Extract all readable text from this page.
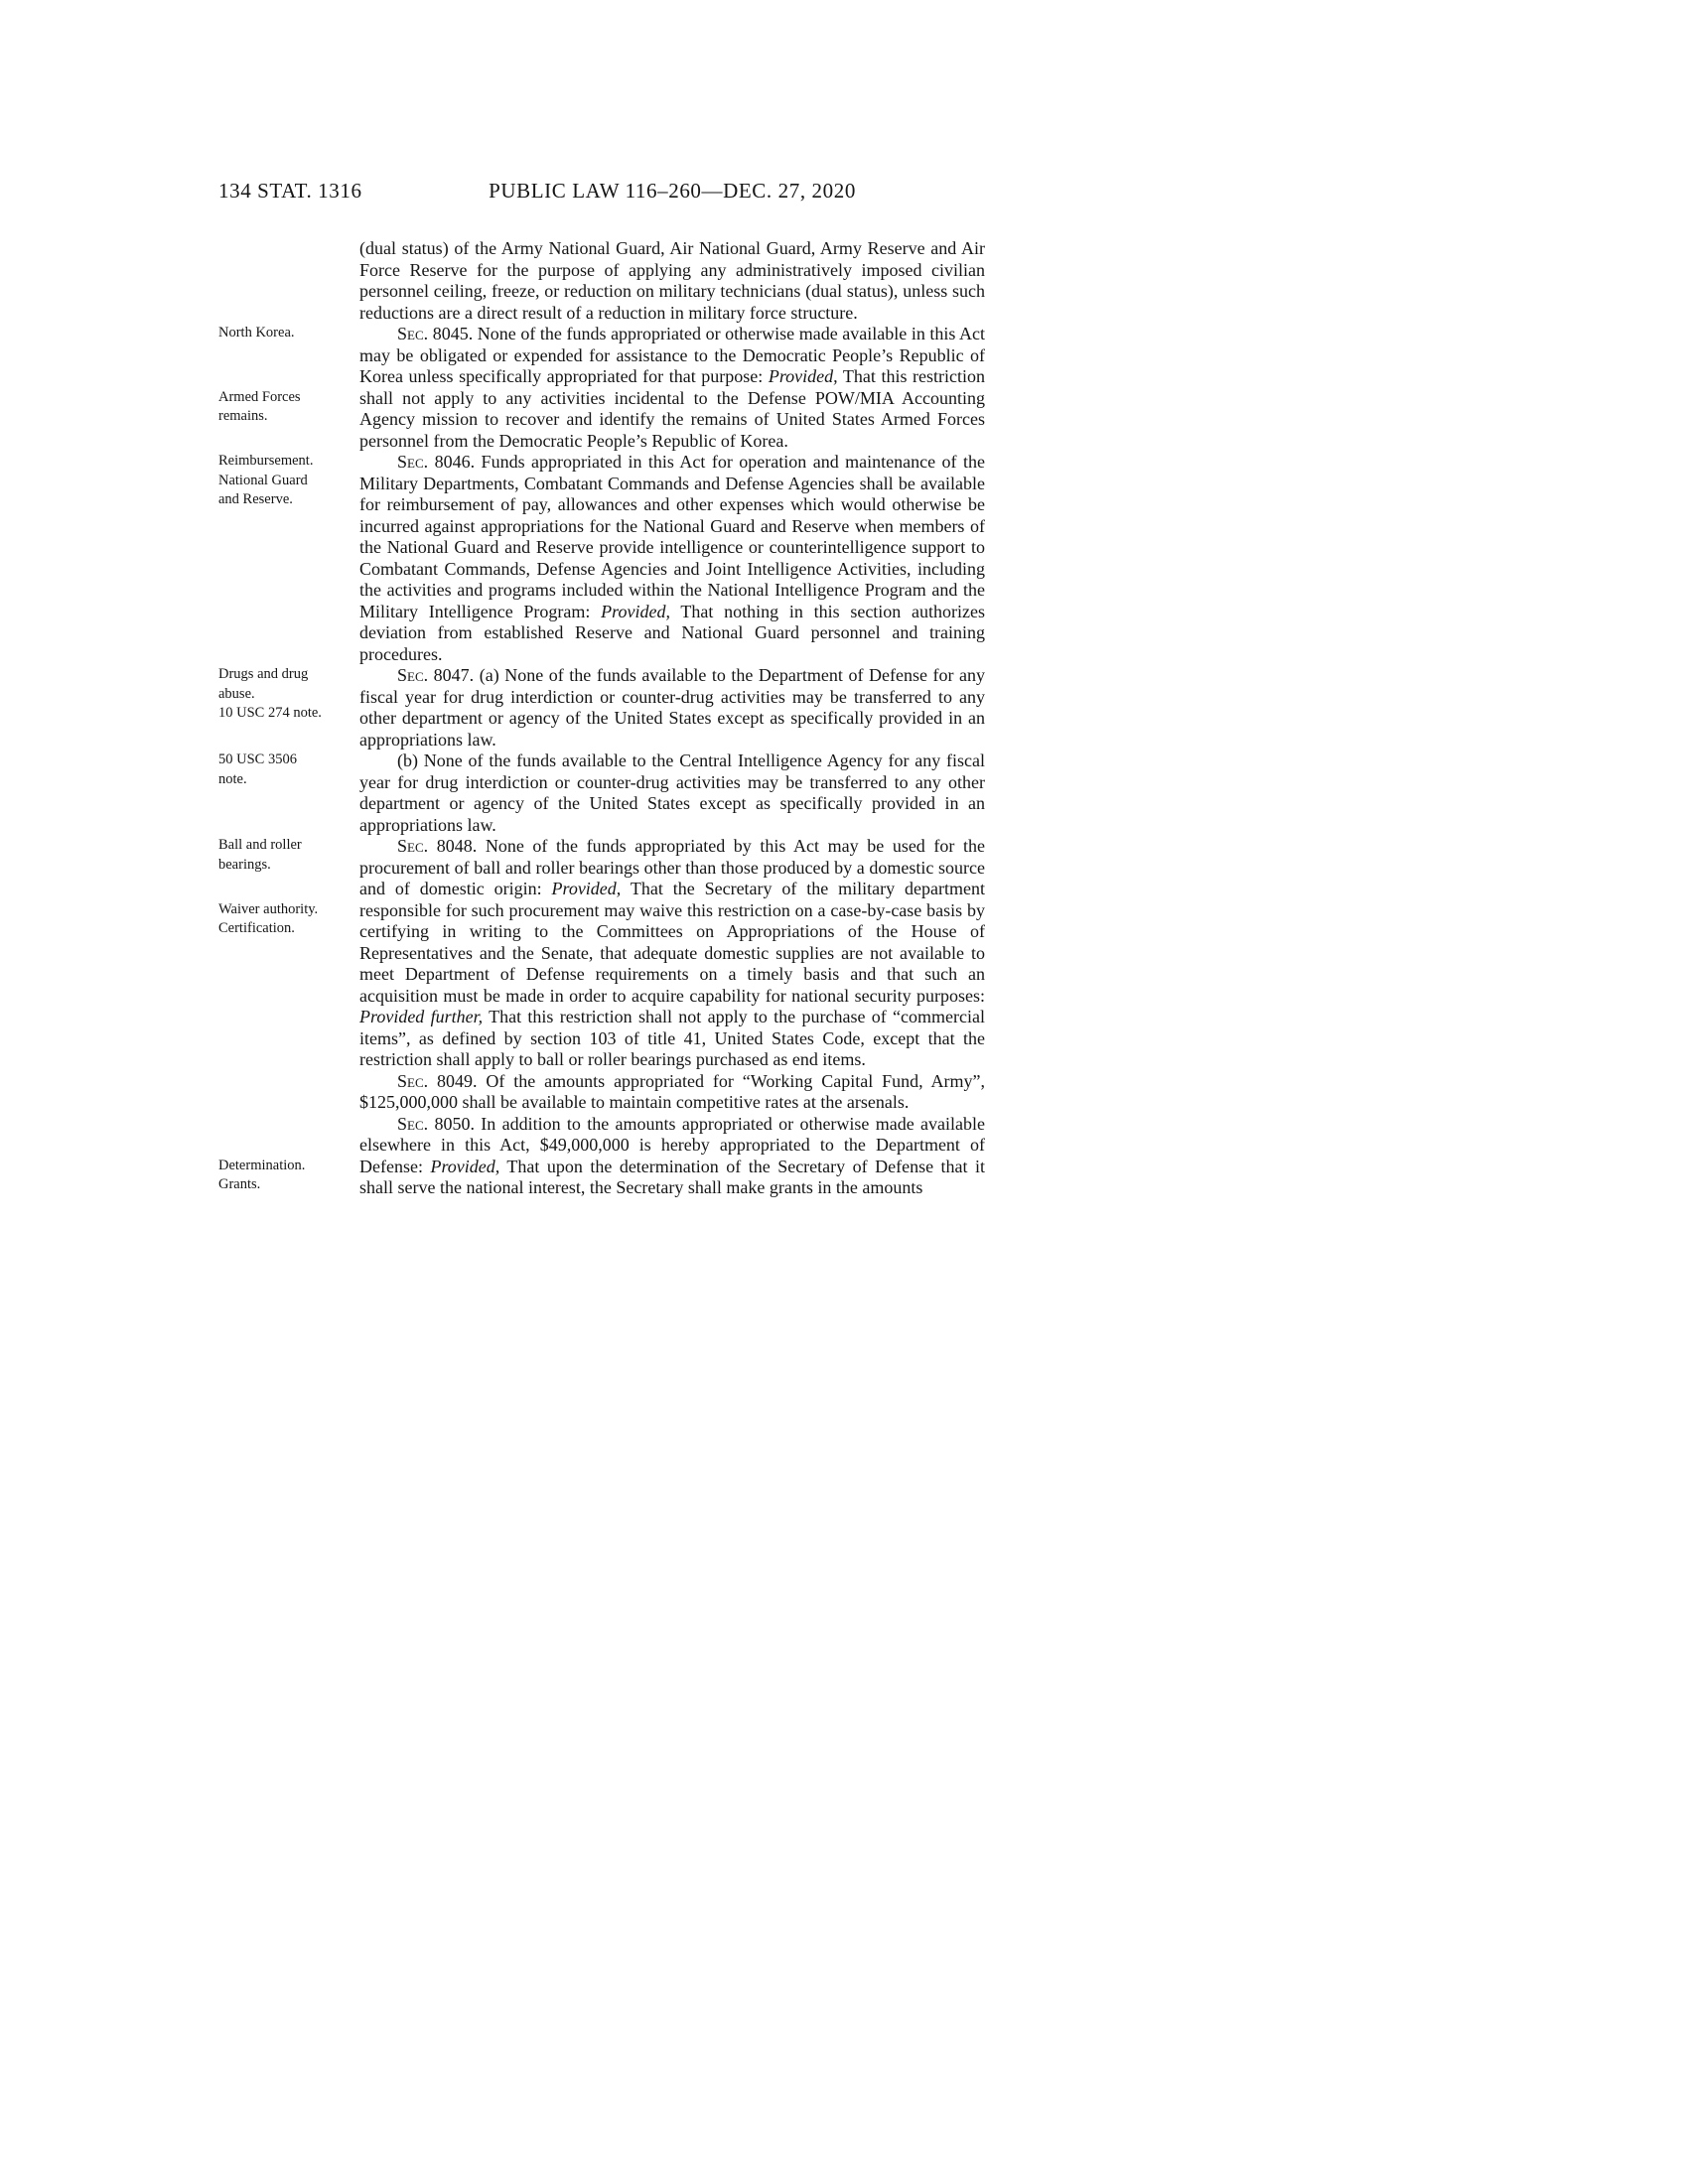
134 STAT. 1316	PUBLIC LAW 116–260—DEC. 27, 2020

(dual status) of the Army National Guard, Air National Guard, Army Reserve and Air Force Reserve for the purpose of applying any administratively imposed civilian personnel ceiling, freeze, or reduction on military technicians (dual status), unless such reductions are a direct result of a reduction in military force structure.

North Korea.
Armed Forces
remains.

Sec. 8045. None of the funds appropriated or otherwise made available in this Act may be obligated or expended for assistance to the Democratic People’s Republic of Korea unless specifically appropriated for that purpose: Provided, That this restriction shall not apply to any activities incidental to the Defense POW/MIA Accounting Agency mission to recover and identify the remains of United States Armed Forces personnel from the Democratic People’s Republic of Korea.

Reimbursement.
National Guard
and Reserve.

Sec. 8046. Funds appropriated in this Act for operation and maintenance of the Military Departments, Combatant Commands and Defense Agencies shall be available for reimbursement of pay, allowances and other expenses which would otherwise be incurred against appropriations for the National Guard and Reserve when members of the National Guard and Reserve provide intelligence or counterintelligence support to Combatant Commands, Defense Agencies and Joint Intelligence Activities, including the activities and programs included within the National Intelligence Program and the Military Intelligence Program: Provided, That nothing in this section authorizes deviation from established Reserve and National Guard personnel and training procedures.

Drugs and drug
abuse.
10 USC 274 note.

Sec. 8047. (a) None of the funds available to the Department of Defense for any fiscal year for drug interdiction or counter-drug activities may be transferred to any other department or agency of the United States except as specifically provided in an appropriations law.

50 USC 3506
note.

(b) None of the funds available to the Central Intelligence Agency for any fiscal year for drug interdiction or counter-drug activities may be transferred to any other department or agency of the United States except as specifically provided in an appropriations law.

Ball and roller
bearings.
Waiver authority.
Certification.

Sec. 8048. None of the funds appropriated by this Act may be used for the procurement of ball and roller bearings other than those produced by a domestic source and of domestic origin: Provided, That the Secretary of the military department responsible for such procurement may waive this restriction on a case-by-case basis by certifying in writing to the Committees on Appropriations of the House of Representatives and the Senate, that adequate domestic supplies are not available to meet Department of Defense requirements on a timely basis and that such an acquisition must be made in order to acquire capability for national security purposes: Provided further, That this restriction shall not apply to the purchase of “commercial items”, as defined by section 103 of title 41, United States Code, except that the restriction shall apply to ball or roller bearings purchased as end items.

Sec. 8049. Of the amounts appropriated for “Working Capital Fund, Army”, $125,000,000 shall be available to maintain competitive rates at the arsenals.

Determination.
Grants.

Sec. 8050. In addition to the amounts appropriated or otherwise made available elsewhere in this Act, $49,000,000 is hereby appropriated to the Department of Defense: Provided, That upon the determination of the Secretary of Defense that it shall serve the national interest, the Secretary shall make grants in the amounts
